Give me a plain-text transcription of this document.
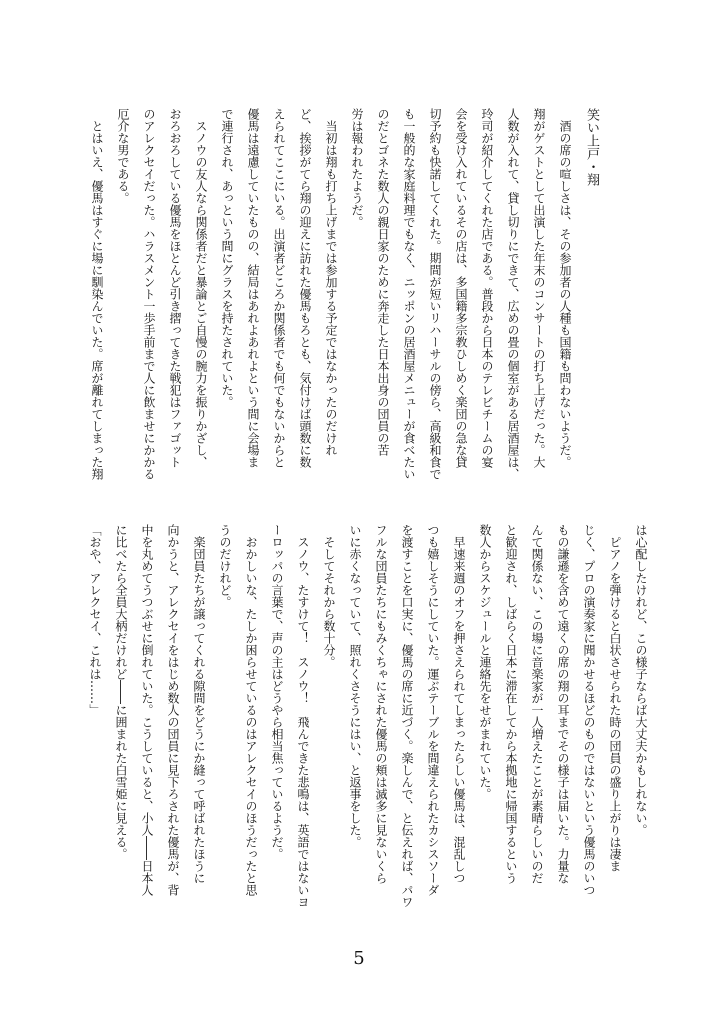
笑い上戸・翔
　酒の席の喧しさは、その参加者の人種も国籍も問わないようだ。
翔がゲストとして出演した年末のコンサートの打ち上げだった。大
人数が入れて、貸し切りにできて、広めの畳の個室がある居酒屋は、
玲司が紹介してくれた店である。普段から日本のテレビチームの宴
会を受け入れているその店は、多国籍多宗教ひしめく楽団の急な貸
切予約も快諾してくれた。期間が短いリハーサルの傍ら、高級和食で
も一般的な家庭料理でもなく、ニッポンの居酒屋メニューが食べたい
のだとゴネた数人の親日家のために奔走した日本出身の団員の苦
労は報われたようだ。
　当初は翔も打ち上げまでは参加する予定ではなかったのだけれ
ど、挨拶がてら翔の迎えに訪れた優馬もろとも、気付けば頭数に数
えられてここにいる。出演者どころか関係者でも何でもないからと
優馬は遠慮していたものの、結局はあれよあれよという間に会場ま
で連行され、あっという間にグラスを持たされていた。
　スノウの友人なら関係者だと暴論とご自慢の腕力を振りかざし、
おろおろしている優馬をほとんど引き摺ってきた戦犯はファゴット
のアレクセイだった。ハラスメント一歩手前まで人に飲ませにかかる
厄介な男である。
　とはいえ、優馬はすぐに場に馴染んでいた。席が離れてしまった翔
は心配したけれど、この様子ならば大丈夫かもしれない。
　ピアノを弾けると白状させられた時の団員の盛り上がりは凄ま
じく、プロの演奏家に聞かせるほどのものではないという優馬のいつ
もの謙遜を含めて遠くの席の翔の耳までその様子は届いた。力量な
んて関係ない、この場に音楽家が一人増えたことが素晴らしいのだ
と歓迎され、しばらく日本に滞在してから本拠地に帰国するという
数人からスケジュールと連絡先をせがまれていた。
　早速来週のオフを押さえられてしまったらしい優馬は、混乱しつ
つも嬉しそうにしていた。運ぶテーブルを間違えられたカシスソーダ
を渡すことを口実に、優馬の席に近づく。楽しんで、と伝えれば、パワ
フルな団員たちにもみくちゃにされた優馬の頬は滅多に見ないくら
いに赤くなっていて、照れくさそうにはい、と返事をした。
　そしてそれから数十分。
　スノウ、たすけて！　スノウ！　飛んできた悲鳴は、英語ではないヨ
ーロッパの言葉で、声の主はどうやら相当焦っているようだ。
　おかしいな、たしか困らせているのはアレクセイのほうだったと思
うのだけれど。
　楽団員たちが譲ってくれる隙間をどうにか縫って呼ばれたほうに
向かうと、アレクセイをはじめ数人の団員に見下ろされた優馬が、背
中を丸めてうつぶせに倒れていた。こうしていると、小人――日本人
に比べたら全員大柄だけれど――に囲まれた白雪姫に見える。
「おや、アレクセイ、これは……」
5
